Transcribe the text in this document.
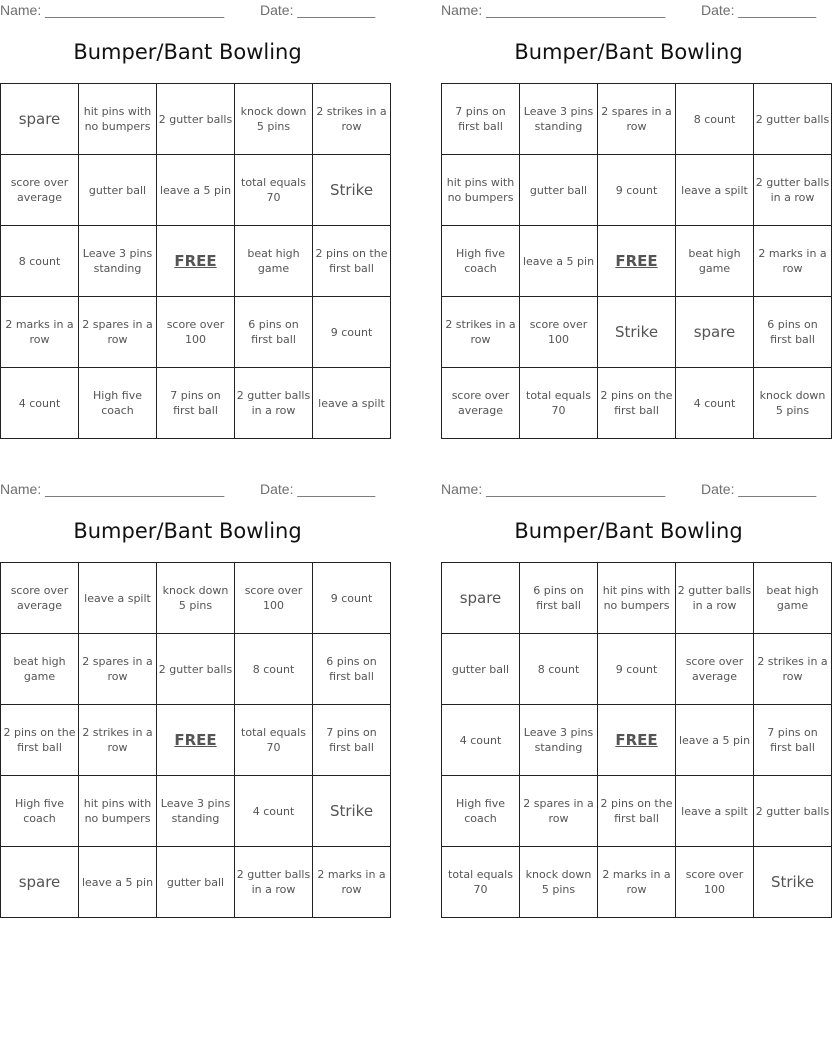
Name: _______________________	Date: __________
Bumper/Bant Bowling
spare	hit pins with no bumpers	2 gutter balls	knock down 5 pins	2 strikes in a row
score over average	gutter ball	leave a 5 pin	total equals 70	Strike
8 count	Leave 3 pins standing	FREE	beat high game	2 pins on the first ball
2 marks in a row	2 spares in a row	score over 100	6 pins on first ball	9 count
4 count	High five coach	7 pins on first ball	2 gutter balls in a row	leave a spilt
Name: _______________________	Date: __________
Bumper/Bant Bowling
7 pins on first ball	Leave 3 pins standing	2 spares in a row	8 count	2 gutter balls
hit pins with no bumpers	gutter ball	9 count	leave a spilt	2 gutter balls in a row
High five coach	leave a 5 pin	FREE	beat high game	2 marks in a row
2 strikes in a row	score over 100	Strike	spare	6 pins on first ball
score over average	total equals 70	2 pins on the first ball	4 count	knock down 5 pins
Name: _______________________	Date: __________
Bumper/Bant Bowling
score over average	leave a spilt	knock down 5 pins	score over 100	9 count
beat high game	2 spares in a row	2 gutter balls	8 count	6 pins on first ball
2 pins on the first ball	2 strikes in a row	FREE	total equals 70	7 pins on first ball
High five coach	hit pins with no bumpers	Leave 3 pins standing	4 count	Strike
spare	leave a 5 pin	gutter ball	2 gutter balls in a row	2 marks in a row
Name: _______________________	Date: __________
Bumper/Bant Bowling
spare	6 pins on first ball	hit pins with no bumpers	2 gutter balls in a row	beat high game
gutter ball	8 count	9 count	score over average	2 strikes in a row
4 count	Leave 3 pins standing	FREE	leave a 5 pin	7 pins on first ball
High five coach	2 spares in a row	2 pins on the first ball	leave a spilt	2 gutter balls
total equals 70	knock down 5 pins	2 marks in a row	score over 100	Strike
